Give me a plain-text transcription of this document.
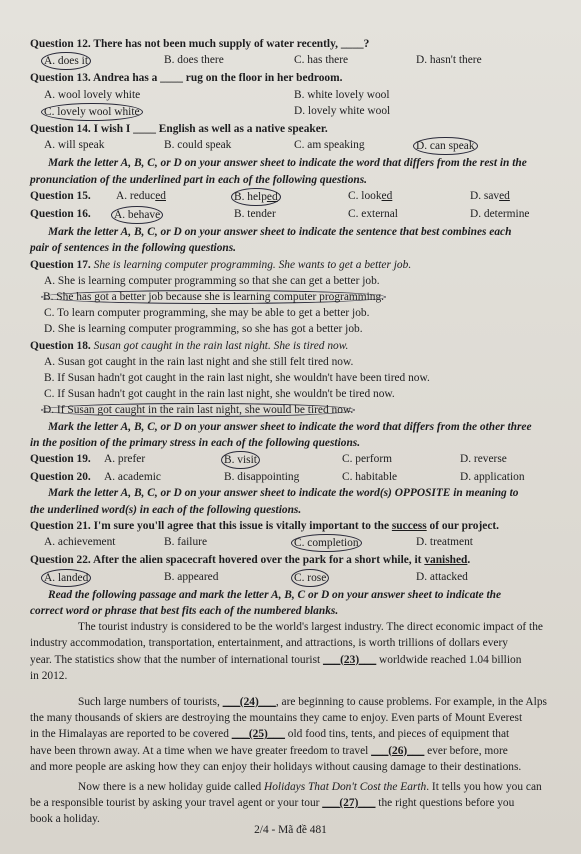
Question 12. There has not been much supply of water recently, ____?
A. does it	B. does there	C. has there	D. hasn't there
Question 13. Andrea has a ____ rug on the floor in her bedroom.
A. wool lovely white	B. white lovely wool
C. lovely wool white	D. lovely white wool
Question 14. I wish I ____ English as well as a native speaker.
A. will speak	B. could speak	C. am speaking	D. can speak
Mark the letter A, B, C, or D on your answer sheet to indicate the word that differs from the rest in the
pronunciation of the underlined part in each of the following questions.
Question 15.	A. reduced	B. helped	C. looked	D. saved
Question 16.	A. behave	B. tender	C. external	D. determine
Mark the letter A, B, C, or D on your answer sheet to indicate the sentence that best combines each
pair of sentences in the following questions.
Question 17. She is learning computer programming. She wants to get a better job.
A. She is learning computer programming so that she can get a better job.
B. She has got a better job because she is learning computer programming.
C. To learn computer programming, she may be able to get a better job.
D. She is learning computer programming, so she has got a better job.
Question 18. Susan got caught in the rain last night. She is tired now.
A. Susan got caught in the rain last night and she still felt tired now.
B. If Susan hadn't got caught in the rain last night, she wouldn't have been tired now.
C. If Susan hadn't got caught in the rain last night, she wouldn't be tired now.
D. If Susan got caught in the rain last night, she would be tired now.
Mark the letter A, B, C, or D on your answer sheet to indicate the word that differs from the other three
in the position of the primary stress in each of the following questions.
Question 19.	A. prefer	B. visit	C. perform	D. reverse
Question 20.	A. academic	B. disappointing	C. habitable	D. application
Mark the letter A, B, C, or D on your answer sheet to indicate the word(s) OPPOSITE in meaning to
the underlined word(s) in each of the following questions.
Question 21. I'm sure you'll agree that this issue is vitally important to the success of our project.
A. achievement	B. failure	C. completion	D. treatment
Question 22. After the alien spacecraft hovered over the park for a short while, it vanished.
A. landed	B. appeared	C. rose	D. attacked
Read the following passage and mark the letter A, B, C or D on your answer sheet to indicate the
correct word or phrase that best fits each of the numbered blanks.
The tourist industry is considered to be the world's largest industry. The direct economic impact of the
industry accommodation, transportation, entertainment, and attractions, is worth trillions of dollars every
year. The statistics show that the number of international tourist ___(23)___ worldwide reached 1.04 billion
in 2012.
Such large numbers of tourists, ___(24)___, are beginning to cause problems. For example, in the Alps
the many thousands of skiers are destroying the mountains they came to enjoy. Even parts of Mount Everest
in the Himalayas are reported to be covered ___(25)___ old food tins, tents, and pieces of equipment that
have been thrown away. At a time when we have greater freedom to travel ___(26)___ ever before, more
and more people are asking how they can enjoy their holidays without causing damage to their destinations.
Now there is a new holiday guide called Holidays That Don't Cost the Earth. It tells you how you can
be a responsible tourist by asking your travel agent or your tour ___(27)___ the right questions before you
book a holiday.
2/4 - Mã đề 481
